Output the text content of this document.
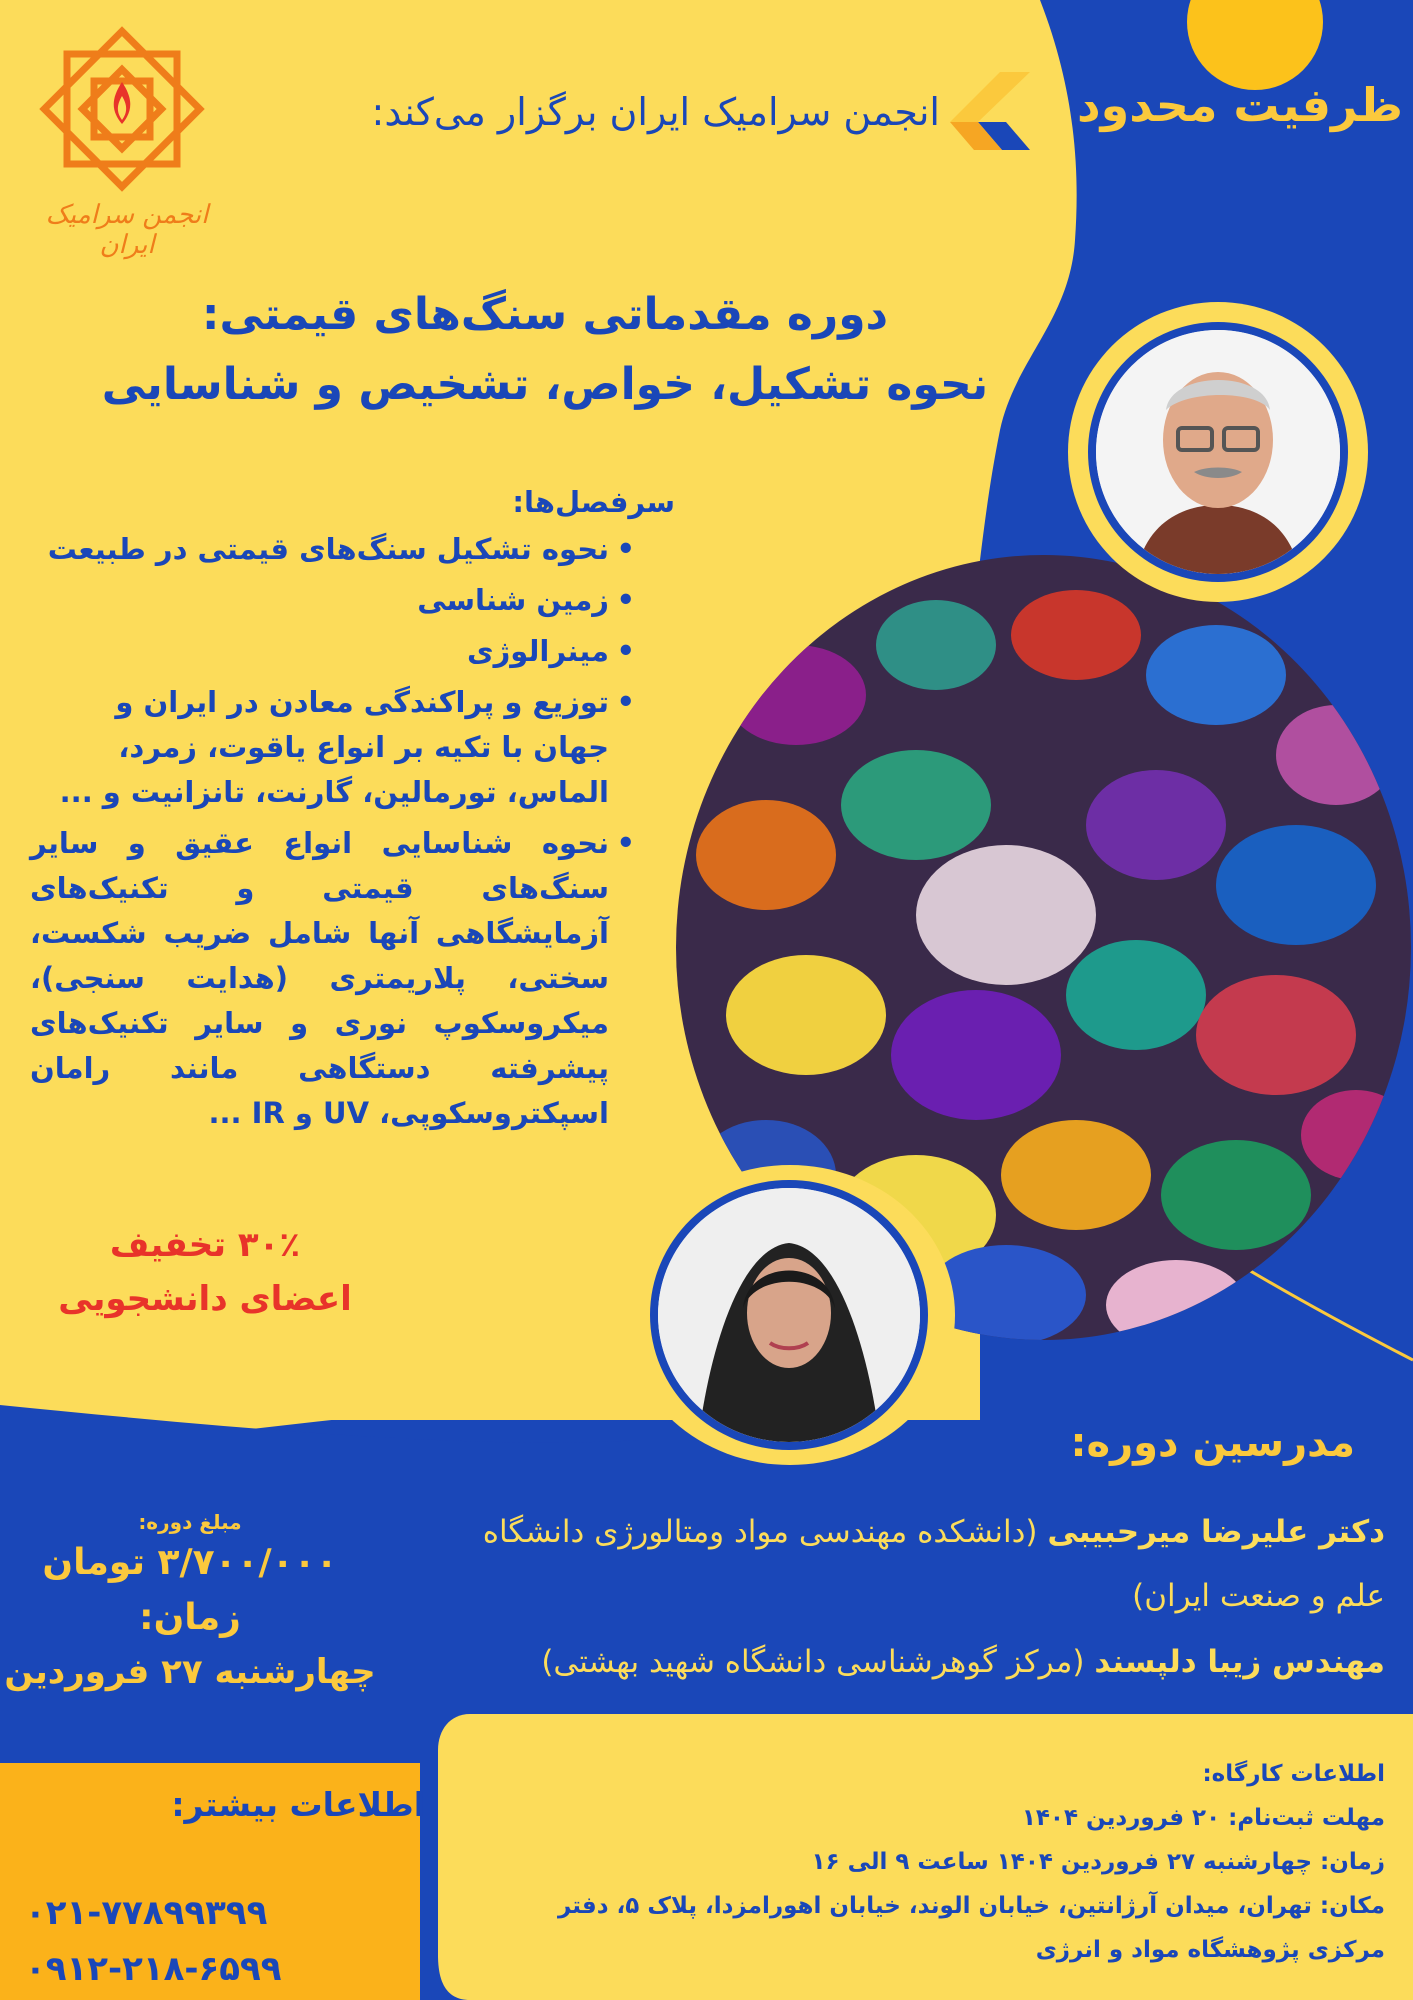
انجمن سرامیک ایران
انجمن سرامیک ایران برگزار می‌کند:	ظرفیت محدود
دوره مقدماتی سنگ‌های قیمتی:
نحوه تشکیل، خواص، تشخیص و شناسایی
سرفصل‌ها:
• نحوه تشکیل سنگ‌های قیمتی در طبیعت
• زمین شناسی
• مینرالوژی
• توزیع و پراکندگی معادن در ایران و جهان با تکیه بر انواع یاقوت، زمرد، الماس، تورمالین، گارنت، تانزانیت و ...
• نحوه شناسایی انواع عقیق و سایر سنگ‌های قیمتی و تکنیک‌های آزمایشگاهی آنها شامل ضریب شکست، سختی، پلاریمتری (هدایت سنجی)، میکروسکوپ نوری و سایر تکنیک‌های پیشرفته دستگاهی مانند رامان اسپکتروسکوپی، UV و IR ...
۳۰٪ تخفیف
اعضای دانشجویی
مدرسین دوره:
دکتر علیرضا میرحبیبی (دانشکده مهندسی مواد ومتالورژی دانشگاه علم و صنعت ایران)
مهندس زیبا دلپسند (مرکز گوهرشناسی دانشگاه شهید بهشتی)
مبلغ دوره:
۳/۷۰۰/۰۰۰ تومان
زمان:
چهارشنبه ۲۷ فروردین
اطلاعات بیشتر:
۰۲۱-۷۷۸۹۹۳۹۹
۰۹۱۲-۲۱۸-۶۵۹۹
اطلاعات کارگاه:
مهلت ثبت‌نام: ۲۰ فروردین ۱۴۰۴
زمان: چهارشنبه ۲۷ فروردین ۱۴۰۴ ساعت ۹ الی ۱۶
مکان: تهران، میدان آرژانتین، خیابان الوند، خیابان اهورامزدا، پلاک ۵، دفتر
مرکزی پژوهشگاه مواد و انرژی
